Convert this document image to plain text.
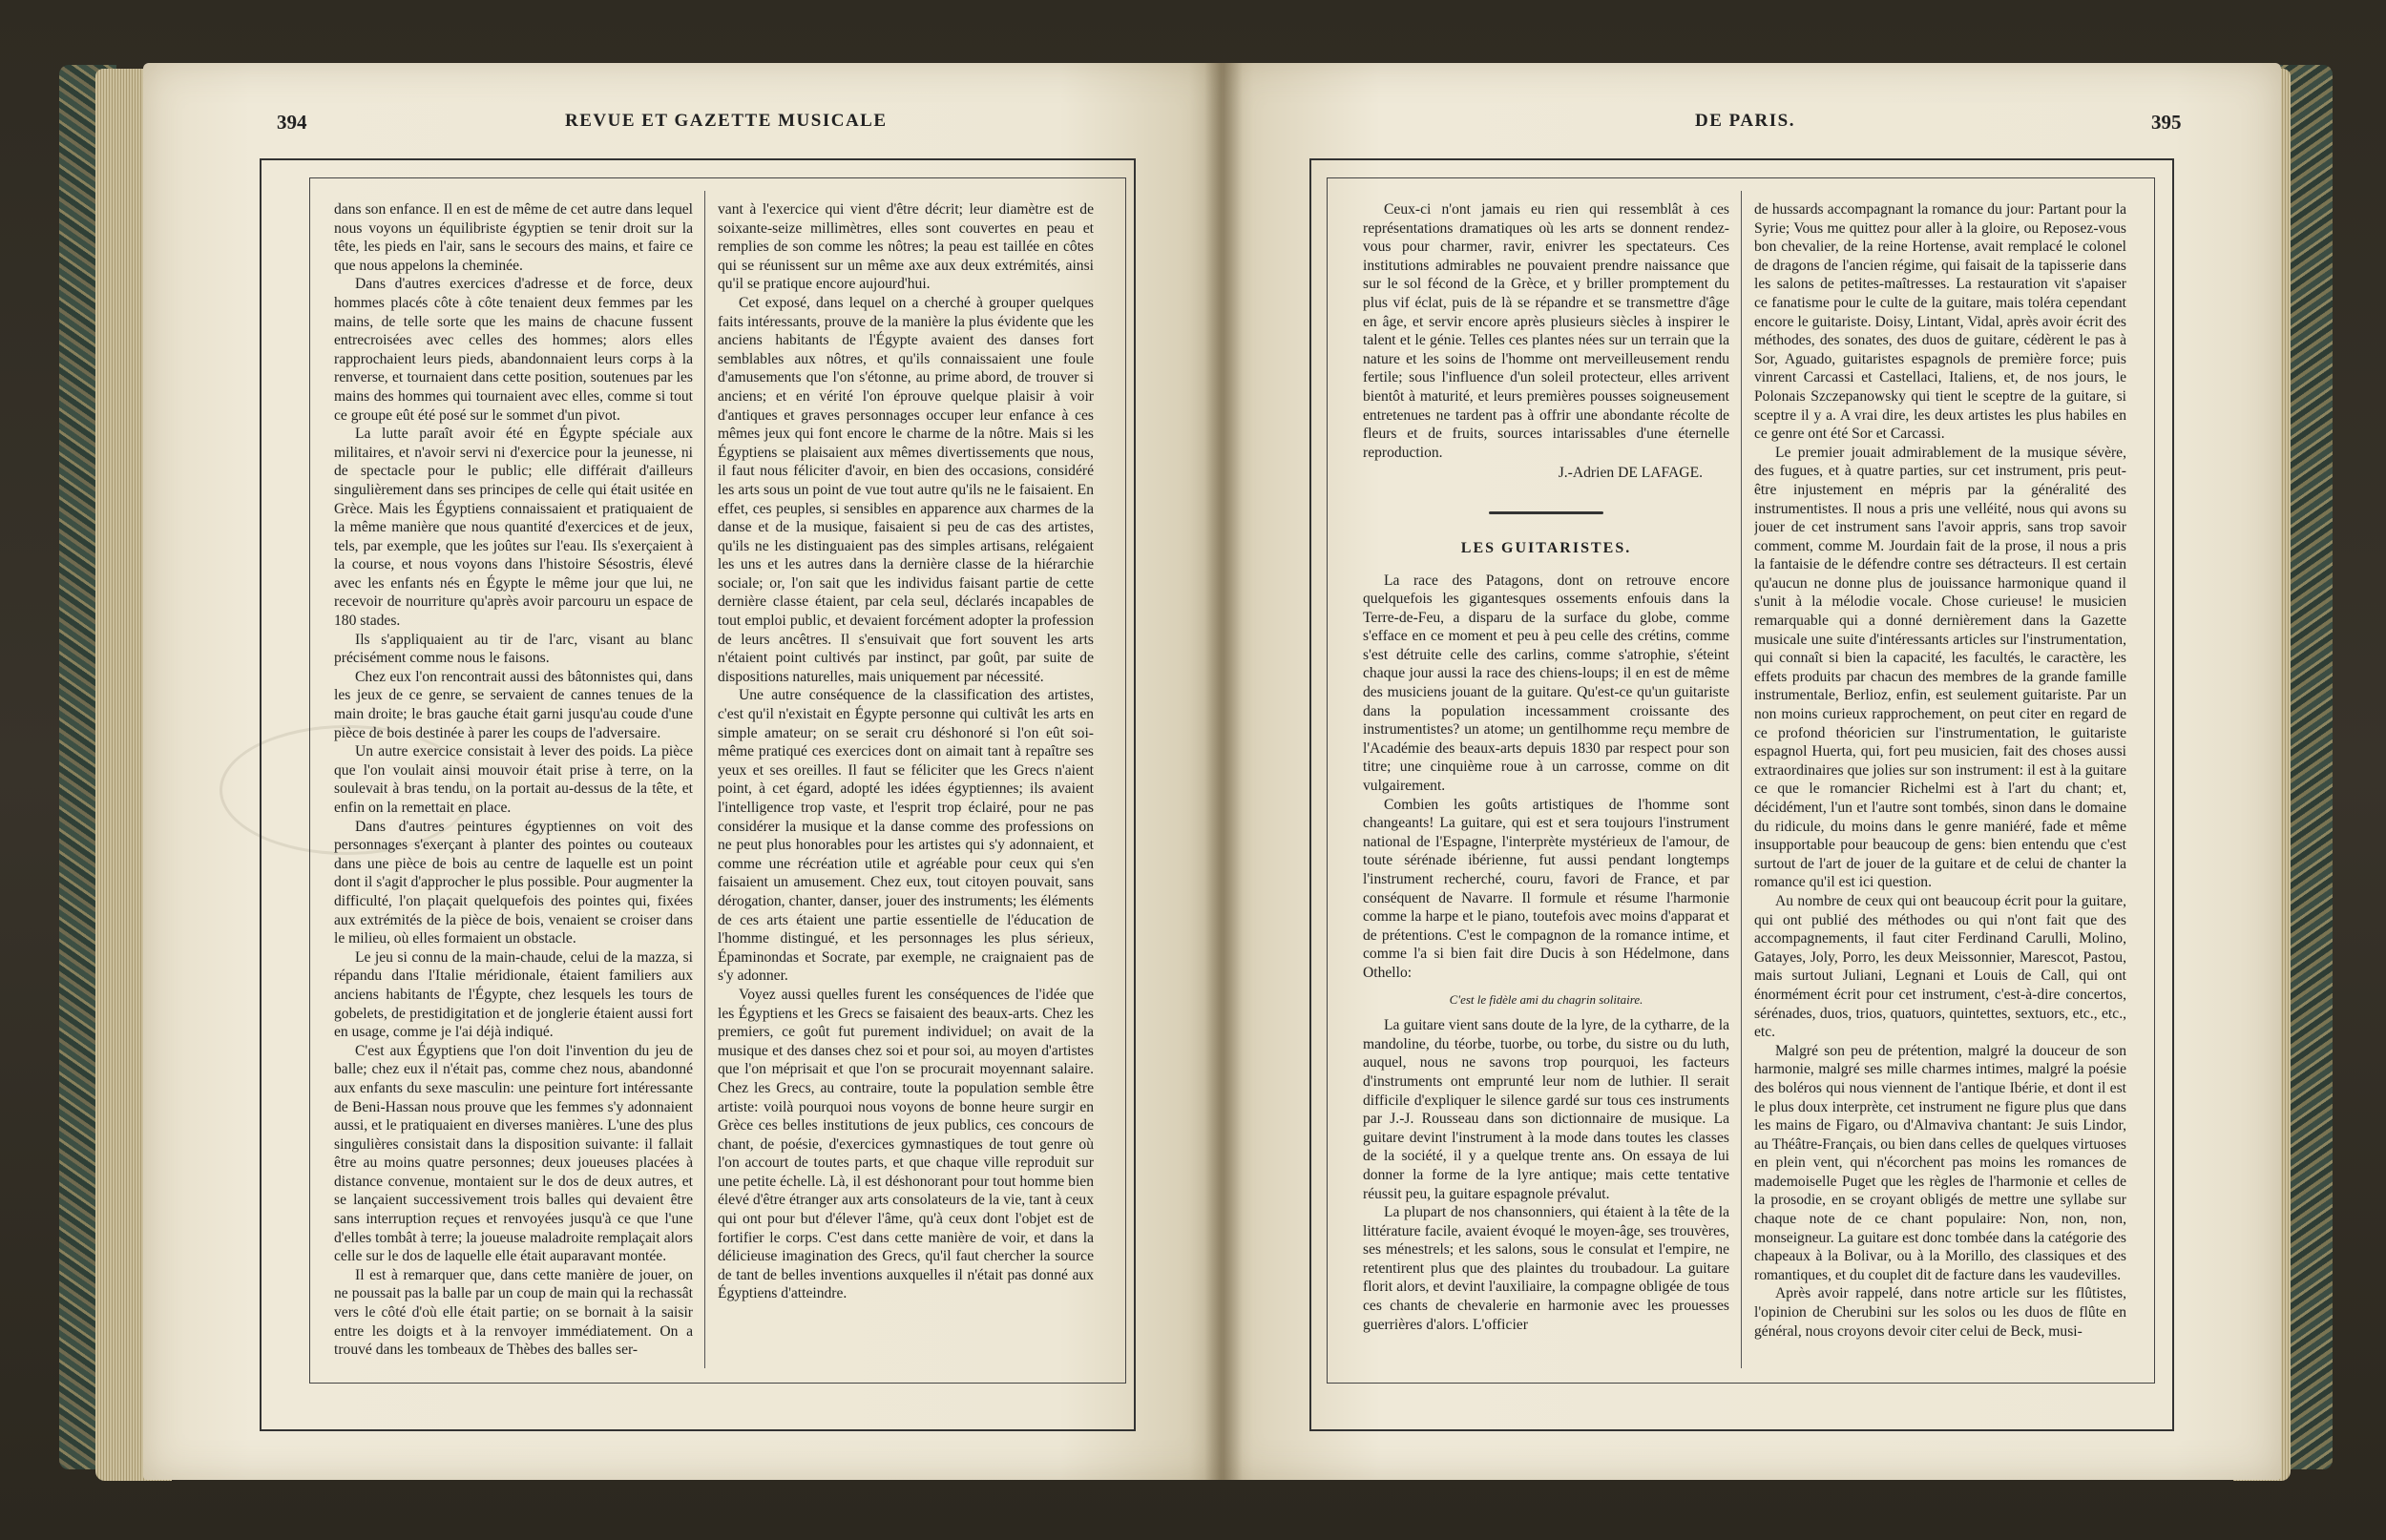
394	REVUE ET GAZETTE MUSICALE

dans son enfance. Il en est de même de cet autre dans lequel nous voyons un équilibriste égyptien se tenir droit sur la tête, les pieds en l'air, sans le secours des mains, et faire ce que nous appelons la cheminée.

Dans d'autres exercices d'adresse et de force, deux hommes placés côte à côte tenaient deux femmes par les mains, de telle sorte que les mains de chacune fussent entrecroisées avec celles des hommes; alors elles rapprochaient leurs pieds, abandonnaient leurs corps à la renverse, et tournaient dans cette position, soutenues par les mains des hommes qui tournaient avec elles, comme si tout ce groupe eût été posé sur le sommet d'un pivot.

La lutte paraît avoir été en Égypte spéciale aux militaires, et n'avoir servi ni d'exercice pour la jeunesse, ni de spectacle pour le public; elle différait d'ailleurs singulièrement dans ses principes de celle qui était usitée en Grèce. Mais les Égyptiens connaissaient et pratiquaient de la même manière que nous quantité d'exercices et de jeux, tels, par exemple, que les joûtes sur l'eau. Ils s'exerçaient à la course, et nous voyons dans l'histoire Sésostris, élevé avec les enfants nés en Égypte le même jour que lui, ne recevoir de nourriture qu'après avoir parcouru un espace de 180 stades.

Ils s'appliquaient au tir de l'arc, visant au blanc précisément comme nous le faisons.

Chez eux l'on rencontrait aussi des bâtonnistes qui, dans les jeux de ce genre, se servaient de cannes tenues de la main droite; le bras gauche était garni jusqu'au coude d'une pièce de bois destinée à parer les coups de l'adversaire.

Un autre exercice consistait à lever des poids. La pièce que l'on voulait ainsi mouvoir était prise à terre, on la soulevait à bras tendu, on la portait au-dessus de la tête, et enfin on la remettait en place.

Dans d'autres peintures égyptiennes on voit des personnages s'exerçant à planter des pointes ou couteaux dans une pièce de bois au centre de laquelle est un point dont il s'agit d'approcher le plus possible. Pour augmenter la difficulté, l'on plaçait quelquefois des pointes qui, fixées aux extrémités de la pièce de bois, venaient se croiser dans le milieu, où elles formaient un obstacle.

Le jeu si connu de la main-chaude, celui de la mazza, si répandu dans l'Italie méridionale, étaient familiers aux anciens habitants de l'Égypte, chez lesquels les tours de gobelets, de prestidigitation et de jonglerie étaient aussi fort en usage, comme je l'ai déjà indiqué.

C'est aux Égyptiens que l'on doit l'invention du jeu de balle; chez eux il n'était pas, comme chez nous, abandonné aux enfants du sexe masculin: une peinture fort intéressante de Beni-Hassan nous prouve que les femmes s'y adonnaient aussi, et le pratiquaient en diverses manières. L'une des plus singulières consistait dans la disposition suivante: il fallait être au moins quatre personnes; deux joueuses placées à distance convenue, montaient sur le dos de deux autres, et se lançaient successivement trois balles qui devaient être sans interruption reçues et renvoyées jusqu'à ce que l'une d'elles tombât à terre; la joueuse maladroite remplaçait alors celle sur le dos de laquelle elle était auparavant montée.

Il est à remarquer que, dans cette manière de jouer, on ne poussait pas la balle par un coup de main qui la rechassât vers le côté d'où elle était partie; on se bornait à la saisir entre les doigts et à la renvoyer immédiatement. On a trouvé dans les tombeaux de Thèbes des balles ser-

vant à l'exercice qui vient d'être décrit; leur diamètre est de soixante-seize millimètres, elles sont couvertes en peau et remplies de son comme les nôtres; la peau est taillée en côtes qui se réunissent sur un même axe aux deux extrémités, ainsi qu'il se pratique encore aujourd'hui.

Cet exposé, dans lequel on a cherché à grouper quelques faits intéressants, prouve de la manière la plus évidente que les anciens habitants de l'Égypte avaient des danses fort semblables aux nôtres, et qu'ils connaissaient une foule d'amusements que l'on s'étonne, au prime abord, de trouver si anciens; et en vérité l'on éprouve quelque plaisir à voir d'antiques et graves personnages occuper leur enfance à ces mêmes jeux qui font encore le charme de la nôtre. Mais si les Égyptiens se plaisaient aux mêmes divertissements que nous, il faut nous féliciter d'avoir, en bien des occasions, considéré les arts sous un point de vue tout autre qu'ils ne le faisaient. En effet, ces peuples, si sensibles en apparence aux charmes de la danse et de la musique, faisaient si peu de cas des artistes, qu'ils ne les distinguaient pas des simples artisans, relégaient les uns et les autres dans la dernière classe de la hiérarchie sociale; or, l'on sait que les individus faisant partie de cette dernière classe étaient, par cela seul, déclarés incapables de tout emploi public, et devaient forcément adopter la profession de leurs ancêtres. Il s'ensuivait que fort souvent les arts n'étaient point cultivés par instinct, par goût, par suite de dispositions naturelles, mais uniquement par nécessité.

Une autre conséquence de la classification des artistes, c'est qu'il n'existait en Égypte personne qui cultivât les arts en simple amateur; on se serait cru déshonoré si l'on eût soi-même pratiqué ces exercices dont on aimait tant à repaître ses yeux et ses oreilles. Il faut se féliciter que les Grecs n'aient point, à cet égard, adopté les idées égyptiennes; ils avaient l'intelligence trop vaste, et l'esprit trop éclairé, pour ne pas considérer la musique et la danse comme des professions on ne peut plus honorables pour les artistes qui s'y adonnaient, et comme une récréation utile et agréable pour ceux qui s'en faisaient un amusement. Chez eux, tout citoyen pouvait, sans dérogation, chanter, danser, jouer des instruments; les éléments de ces arts étaient une partie essentielle de l'éducation de l'homme distingué, et les personnages les plus sérieux, Épaminondas et Socrate, par exemple, ne craignaient pas de s'y adonner.

Voyez aussi quelles furent les conséquences de l'idée que les Égyptiens et les Grecs se faisaient des beaux-arts. Chez les premiers, ce goût fut purement individuel; on avait de la musique et des danses chez soi et pour soi, au moyen d'artistes que l'on méprisait et que l'on se procurait moyennant salaire. Chez les Grecs, au contraire, toute la population semble être artiste: voilà pourquoi nous voyons de bonne heure surgir en Grèce ces belles institutions de jeux publics, ces concours de chant, de poésie, d'exercices gymnastiques de tout genre où l'on accourt de toutes parts, et que chaque ville reproduit sur une petite échelle. Là, il est déshonorant pour tout homme bien élevé d'être étranger aux arts consolateurs de la vie, tant à ceux qui ont pour but d'élever l'âme, qu'à ceux dont l'objet est de fortifier le corps. C'est dans cette manière de voir, et dans la délicieuse imagination des Grecs, qu'il faut chercher la source de tant de belles inventions auxquelles il n'était pas donné aux Égyptiens d'atteindre.

DE PARIS.	395

Ceux-ci n'ont jamais eu rien qui ressemblât à ces représentations dramatiques où les arts se donnent rendez-vous pour charmer, ravir, enivrer les spectateurs. Ces institutions admirables ne pouvaient prendre naissance que sur le sol fécond de la Grèce, et y briller promptement du plus vif éclat, puis de là se répandre et se transmettre d'âge en âge, et servir encore après plusieurs siècles à inspirer le talent et le génie. Telles ces plantes nées sur un terrain que la nature et les soins de l'homme ont merveilleusement rendu fertile; sous l'influence d'un soleil protecteur, elles arrivent bientôt à maturité, et leurs premières pousses soigneusement entretenues ne tardent pas à offrir une abondante récolte de fleurs et de fruits, sources intarissables d'une éternelle reproduction.

J.-Adrien DE LAFAGE.
LES GUITARISTES.

La race des Patagons, dont on retrouve encore quelquefois les gigantesques ossements enfouis dans la Terre-de-Feu, a disparu de la surface du globe, comme s'efface en ce moment et peu à peu celle des crétins, comme s'est détruite celle des carlins, comme s'atrophie, s'éteint chaque jour aussi la race des chiens-loups; il en est de même des musiciens jouant de la guitare. Qu'est-ce qu'un guitariste dans la population incessamment croissante des instrumentistes? un atome; un gentilhomme reçu membre de l'Académie des beaux-arts depuis 1830 par respect pour son titre; une cinquième roue à un carrosse, comme on dit vulgairement.

Combien les goûts artistiques de l'homme sont changeants! La guitare, qui est et sera toujours l'instrument national de l'Espagne, l'interprète mystérieux de l'amour, de toute sérénade ibérienne, fut aussi pendant longtemps l'instrument recherché, couru, favori de France, et par conséquent de Navarre. Il formule et résume l'harmonie comme la harpe et le piano, toutefois avec moins d'apparat et de prétentions. C'est le compagnon de la romance intime, et comme l'a si bien fait dire Ducis à son Hédelmone, dans Othello:

C'est le fidèle ami du chagrin solitaire.

La guitare vient sans doute de la lyre, de la cytharre, de la mandoline, du téorbe, tuorbe, ou torbe, du sistre ou du luth, auquel, nous ne savons trop pourquoi, les facteurs d'instruments ont emprunté leur nom de luthier. Il serait difficile d'expliquer le silence gardé sur tous ces instruments par J.-J. Rousseau dans son dictionnaire de musique. La guitare devint l'instrument à la mode dans toutes les classes de la société, il y a quelque trente ans. On essaya de lui donner la forme de la lyre antique; mais cette tentative réussit peu, la guitare espagnole prévalut.

La plupart de nos chansonniers, qui étaient à la tête de la littérature facile, avaient évoqué le moyen-âge, ses trouvères, ses ménestrels; et les salons, sous le consulat et l'empire, ne retentirent plus que des plaintes du troubadour. La guitare florit alors, et devint l'auxiliaire, la compagne obligée de tous ces chants de chevalerie en harmonie avec les prouesses guerrières d'alors. L'officier

de hussards accompagnant la romance du jour: Partant pour la Syrie; Vous me quittez pour aller à la gloire, ou Reposez-vous bon chevalier, de la reine Hortense, avait remplacé le colonel de dragons de l'ancien régime, qui faisait de la tapisserie dans les salons de petites-maîtresses. La restauration vit s'apaiser ce fanatisme pour le culte de la guitare, mais toléra cependant encore le guitariste. Doisy, Lintant, Vidal, après avoir écrit des méthodes, des sonates, des duos de guitare, cédèrent le pas à Sor, Aguado, guitaristes espagnols de première force; puis vinrent Carcassi et Castellaci, Italiens, et, de nos jours, le Polonais Szczepanowsky qui tient le sceptre de la guitare, si sceptre il y a. A vrai dire, les deux artistes les plus habiles en ce genre ont été Sor et Carcassi.

Le premier jouait admirablement de la musique sévère, des fugues, et à quatre parties, sur cet instrument, pris peut-être injustement en mépris par la généralité des instrumentistes. Il nous a pris une velléité, nous qui avons su jouer de cet instrument sans l'avoir appris, sans trop savoir comment, comme M. Jourdain fait de la prose, il nous a pris la fantaisie de le défendre contre ses détracteurs. Il est certain qu'aucun ne donne plus de jouissance harmonique quand il s'unit à la mélodie vocale. Chose curieuse! le musicien remarquable qui a donné dernièrement dans la Gazette musicale une suite d'intéressants articles sur l'instrumentation, qui connaît si bien la capacité, les facultés, le caractère, les effets produits par chacun des membres de la grande famille instrumentale, Berlioz, enfin, est seulement guitariste. Par un non moins curieux rapprochement, on peut citer en regard de ce profond théoricien sur l'instrumentation, le guitariste espagnol Huerta, qui, fort peu musicien, fait des choses aussi extraordinaires que jolies sur son instrument: il est à la guitare ce que le romancier Richelmi est à l'art du chant; et, décidément, l'un et l'autre sont tombés, sinon dans le domaine du ridicule, du moins dans le genre maniéré, fade et même insupportable pour beaucoup de gens: bien entendu que c'est surtout de l'art de jouer de la guitare et de celui de chanter la romance qu'il est ici question.

Au nombre de ceux qui ont beaucoup écrit pour la guitare, qui ont publié des méthodes ou qui n'ont fait que des accompagnements, il faut citer Ferdinand Carulli, Molino, Gatayes, Joly, Porro, les deux Meissonnier, Marescot, Pastou, mais surtout Juliani, Legnani et Louis de Call, qui ont énormément écrit pour cet instrument, c'est-à-dire concertos, sérénades, duos, trios, quatuors, quintettes, sextuors, etc., etc., etc.

Malgré son peu de prétention, malgré la douceur de son harmonie, malgré ses mille charmes intimes, malgré la poésie des boléros qui nous viennent de l'antique Ibérie, et dont il est le plus doux interprète, cet instrument ne figure plus que dans les mains de Figaro, ou d'Almaviva chantant: Je suis Lindor, au Théâtre-Français, ou bien dans celles de quelques virtuoses en plein vent, qui n'écorchent pas moins les romances de mademoiselle Puget que les règles de l'harmonie et celles de la prosodie, en se croyant obligés de mettre une syllabe sur chaque note de ce chant populaire: Non, non, non, monseigneur. La guitare est donc tombée dans la catégorie des chapeaux à la Bolivar, ou à la Morillo, des classiques et des romantiques, et du couplet dit de facture dans les vaudevilles.

Après avoir rappelé, dans notre article sur les flûtistes, l'opinion de Cherubini sur les solos ou les duos de flûte en général, nous croyons devoir citer celui de Beck, musi-
